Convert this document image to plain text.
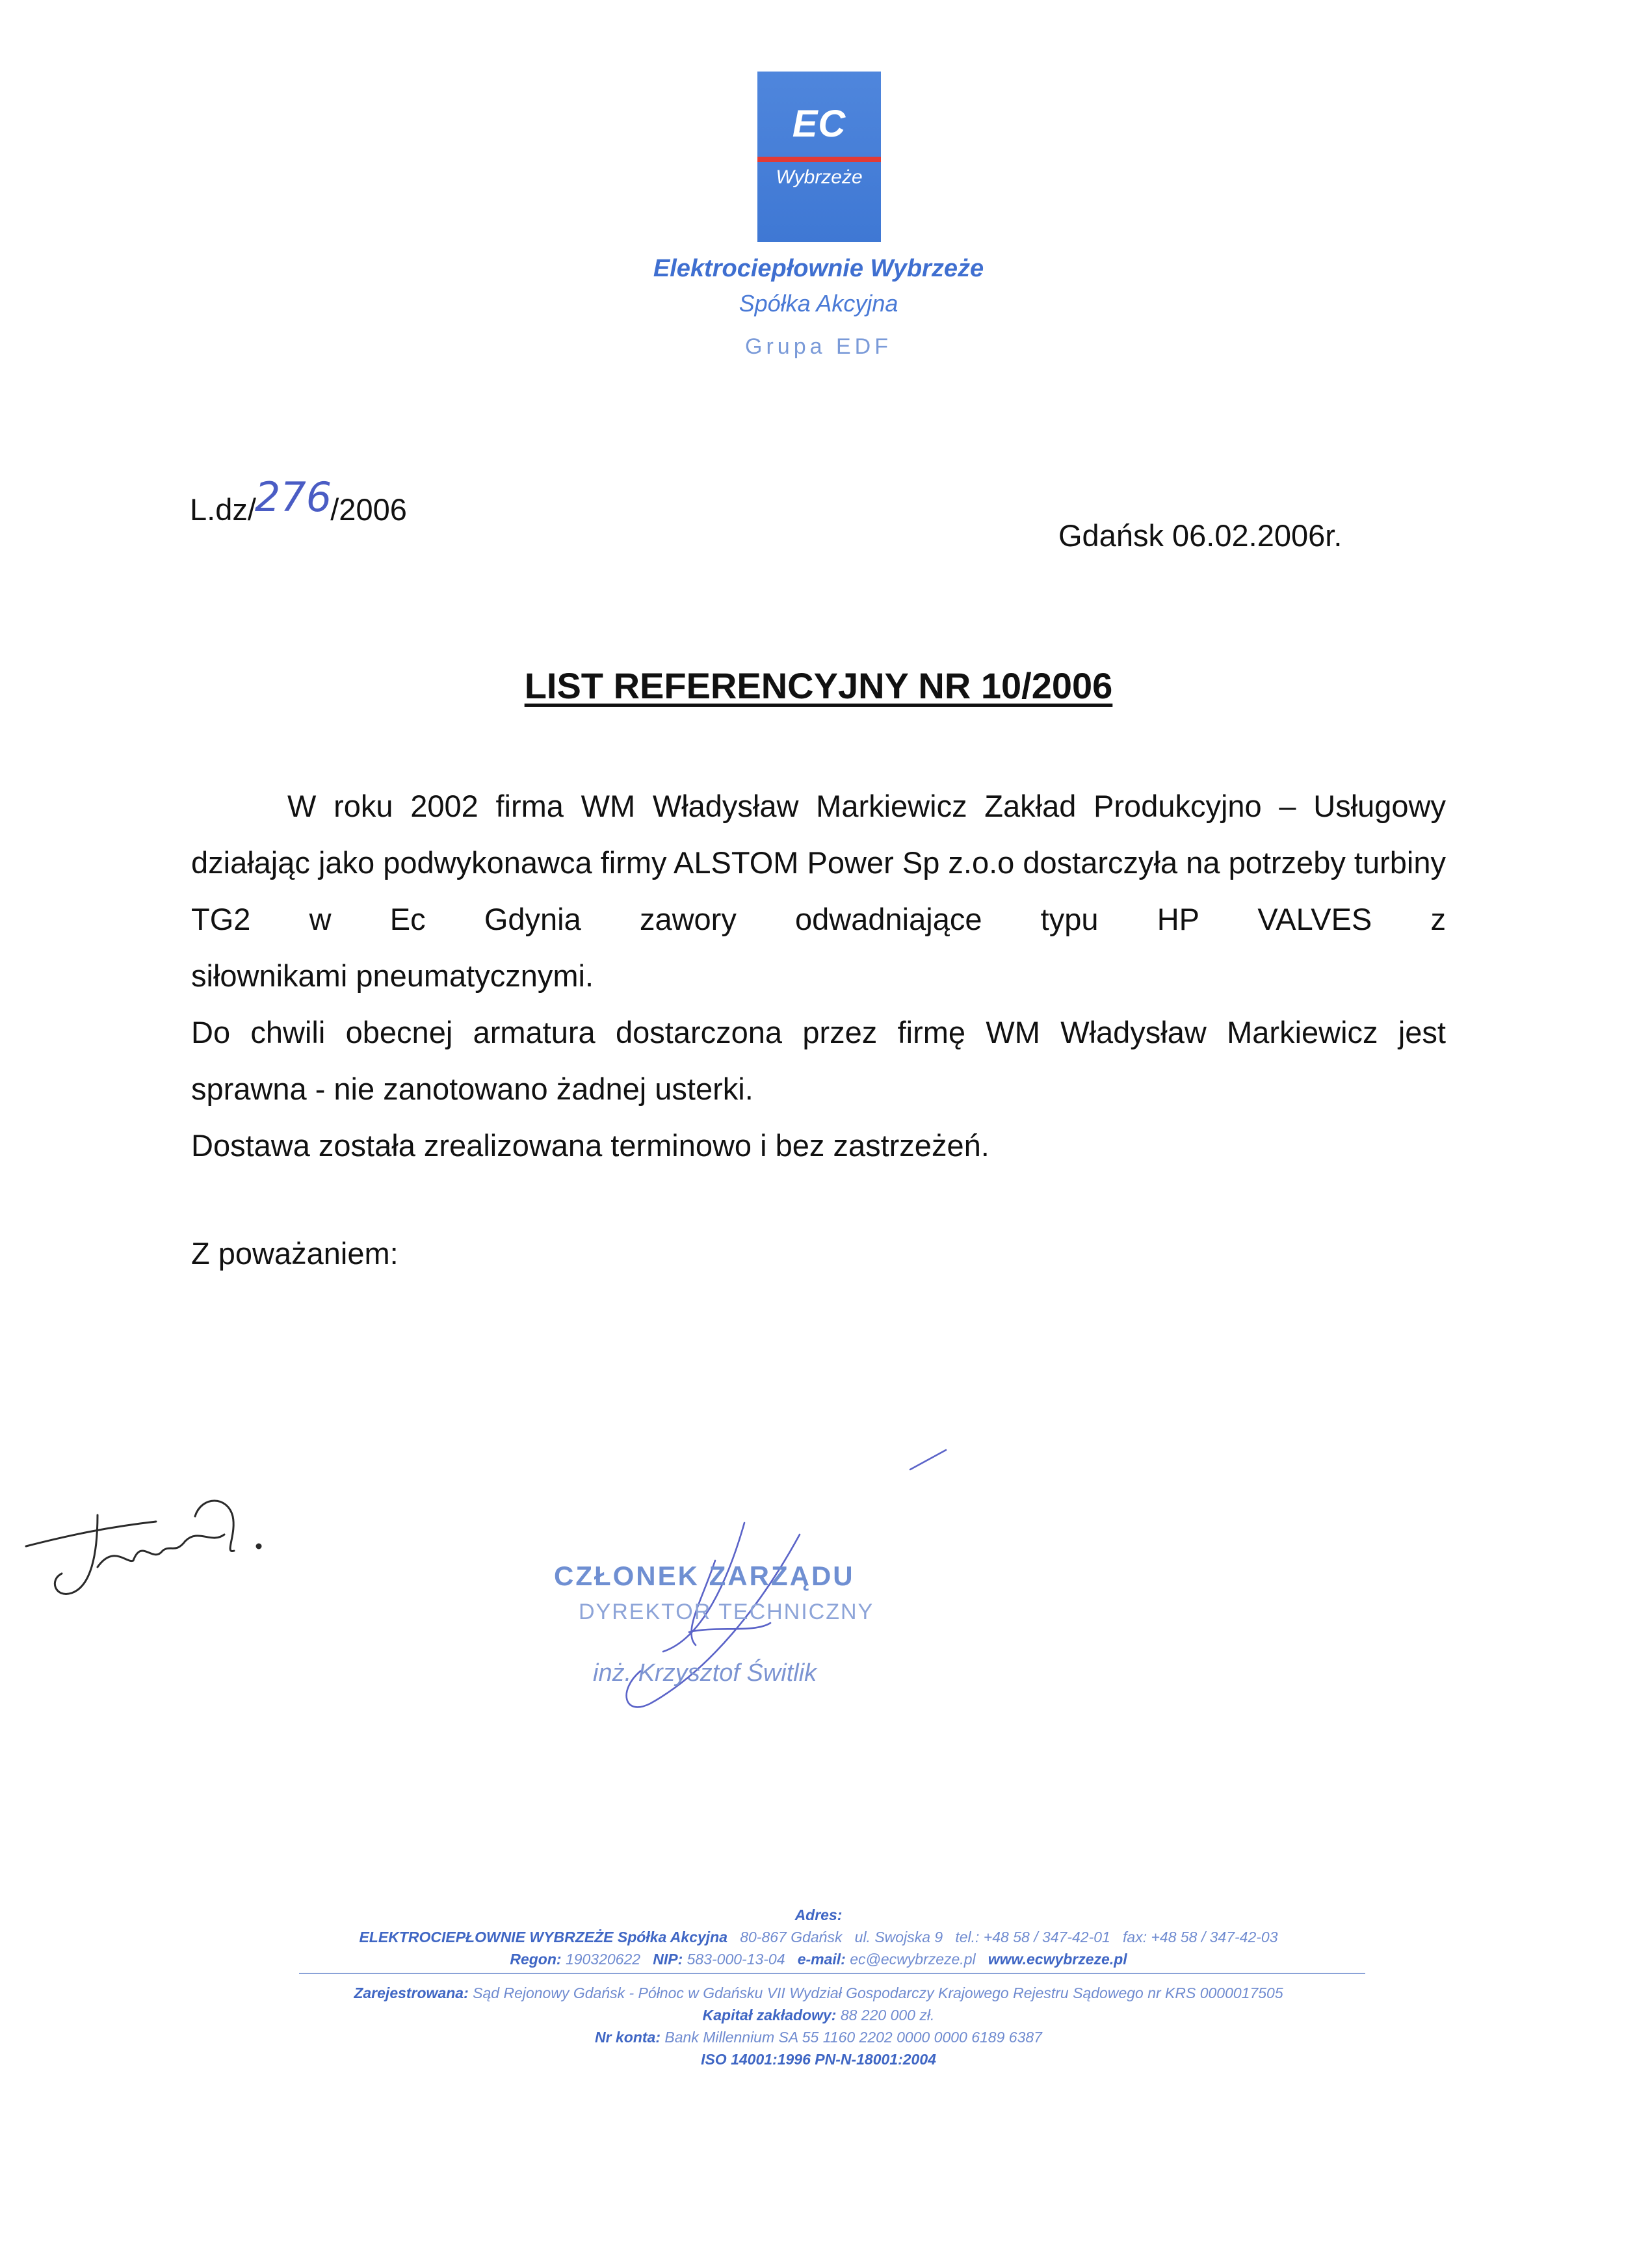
EC
Wybrzeże
Elektrociepłownie Wybrzeże
Spółka Akcyjna
Grupa EDF
L.dz/
276
/2006
Gdańsk 06.02.2006r.
LIST REFERENCYJNY NR 10/2006

W roku 2002 firma WM Władysław Markiewicz Zakład Produkcyjno – Usługowy działając jako podwykonawca firmy ALSTOM Power Sp z.o.o dostarczyła na potrzeby turbiny TG2 w Ec Gdynia zawory odwadniające typu HP VALVES z

siłownikami pneumatycznymi.

Do chwili obecnej armatura dostarczona przez firmę WM Władysław Markiewicz jest

sprawna - nie zanotowano żadnej usterki.

Dostawa została zrealizowana terminowo i bez zastrzeżeń.

Z poważaniem:
CZŁONEK ZARZĄDU
DYREKTOR TECHNICZNY
inż. Krzysztof Świtlik
Adres:
ELEKTROCIEPŁOWNIE WYBRZEŻE Spółka Akcyjna 80-867 Gdańsk ul. Swojska 9 tel.: +48 58 / 347-42-01 fax: +48 58 / 347-42-03
Regon: 190320622 NIP: 583-000-13-04 e-mail: ec@ecwybrzeze.pl www.ecwybrzeze.pl
Zarejestrowana: Sąd Rejonowy Gdańsk - Północ w Gdańsku VII Wydział Gospodarczy Krajowego Rejestru Sądowego nr KRS 0000017505
Kapitał zakładowy: 88 220 000 zł.
Nr konta: Bank Millennium SA 55 1160 2202 0000 0000 6189 6387
ISO 14001:1996 PN-N-18001:2004
